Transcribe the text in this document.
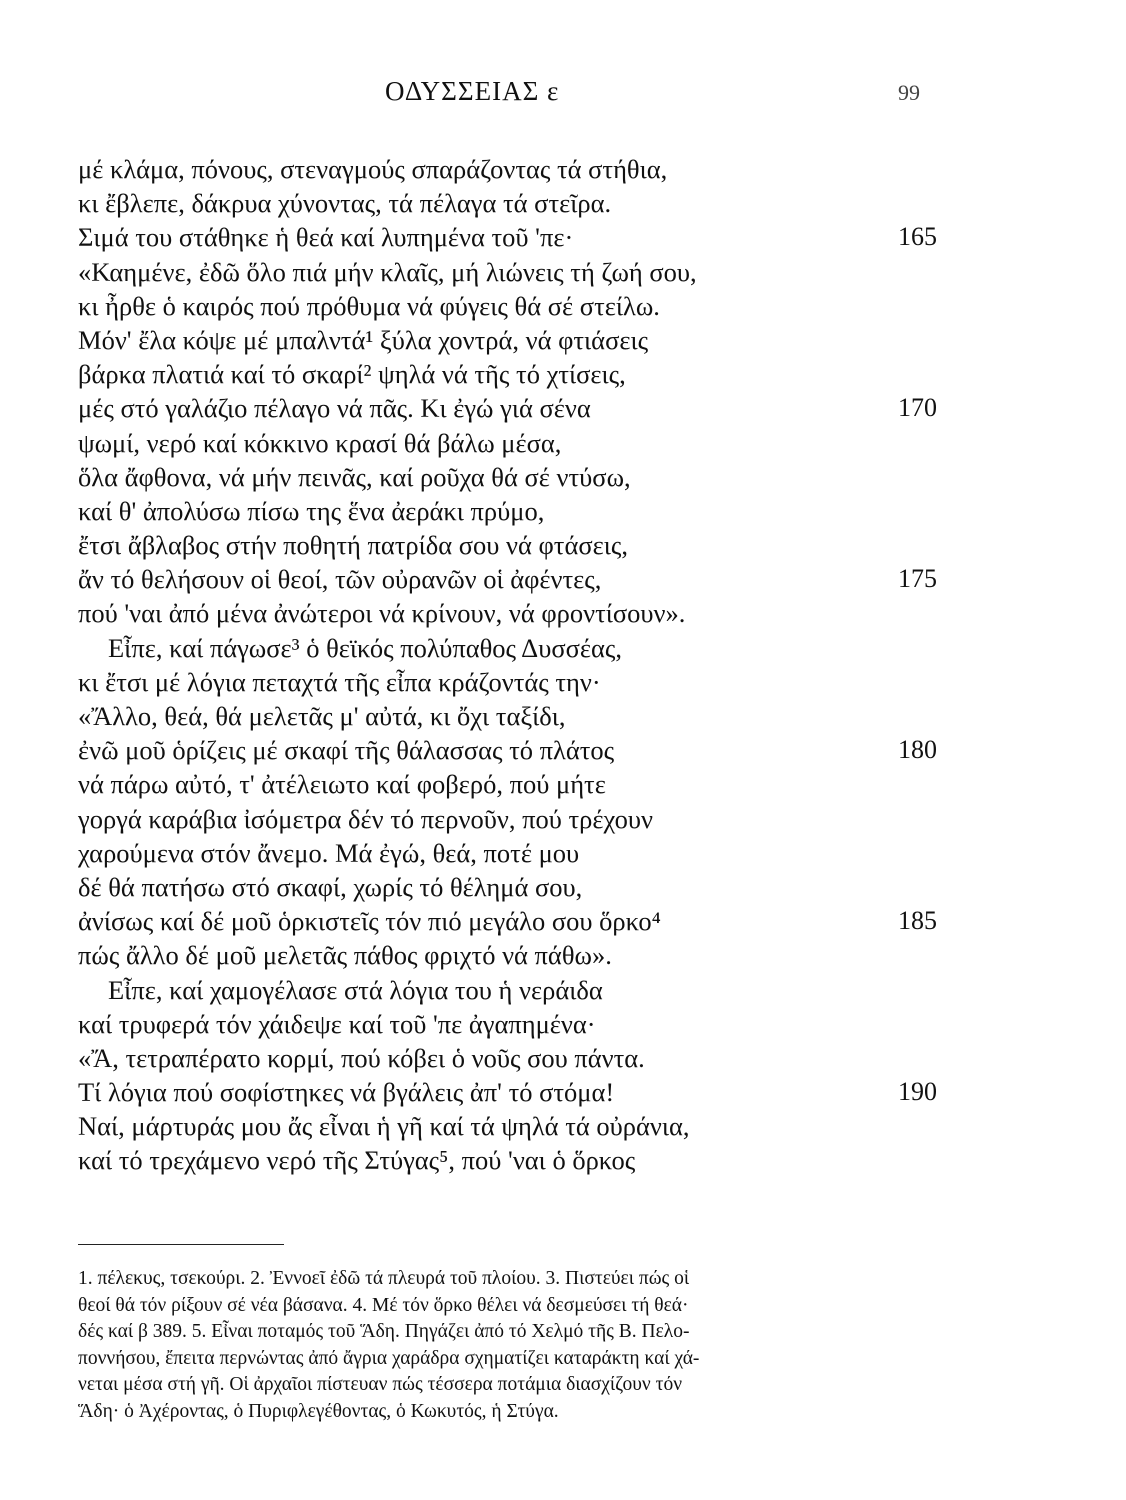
ΟΔΥΣΣΕΙΑΣ ε	99
μέ κλάμα, πόνους, στεναγμούς σπαράζοντας τά στήθια,
κι ἔβλεπε, δάκρυα χύνοντας, τά πέλαγα τά στεῖρα.
Σιμά του στάθηκε ἡ θεά καί λυπημένα τοῦ 'πε·	165
«Καημένε, ἐδῶ ὅλο πιά μήν κλαῖς, μή λιώνεις τή ζωή σου,
κι ἦρθε ὁ καιρός πού πρόθυμα νά φύγεις θά σέ στείλω.
Μόν' ἔλα κόψε μέ μπαλντά¹ ξύλα χοντρά, νά φτιάσεις
βάρκα πλατιά καί τό σκαρί² ψηλά νά τῆς τό χτίσεις,
μές στό γαλάζιο πέλαγο νά πᾶς. Κι ἐγώ γιά σένα	170
ψωμί, νερό καί κόκκινο κρασί θά βάλω μέσα,
ὅλα ἄφθονα, νά μήν πεινᾶς, καί ροῦχα θά σέ ντύσω,
καί θ' ἀπολύσω πίσω της ἕνα ἀεράκι πρύμο,
ἔτσι ἄβλαβος στήν ποθητή πατρίδα σου νά φτάσεις,
ἄν τό θελήσουν οἱ θεοί, τῶν οὐρανῶν οἱ ἀφέντες,	175
πού 'ναι ἀπό μένα ἀνώτεροι νά κρίνουν, νά φροντίσουν».
Εἶπε, καί πάγωσε³ ὁ θεϊκός πολύπαθος Δυσσέας,
κι ἔτσι μέ λόγια πεταχτά τῆς εἶπα κράζοντάς την·
«Ἄλλο, θεά, θά μελετᾶς μ' αὐτά, κι ὄχι ταξίδι,
ἐνῶ μοῦ ὁρίζεις μέ σκαφί τῆς θάλασσας τό πλάτος	180
νά πάρω αὐτό, τ' ἀτέλειωτο καί φοβερό, πού μήτε
γοργά καράβια ἰσόμετρα δέν τό περνοῦν, πού τρέχουν
χαρούμενα στόν ἄνεμο. Μά ἐγώ, θεά, ποτέ μου
δέ θά πατήσω στό σκαφί, χωρίς τό θέλημά σου,
ἀνίσως καί δέ μοῦ ὁρκιστεῖς τόν πιό μεγάλο σου ὅρκο⁴	185
πώς ἄλλο δέ μοῦ μελετᾶς πάθος φριχτό νά πάθω».
Εἶπε, καί χαμογέλασε στά λόγια του ἡ νεράιδα
καί τρυφερά τόν χάιδεψε καί τοῦ 'πε ἀγαπημένα·
«Ἄ, τετραπέρατο κορμί, πού κόβει ὁ νοῦς σου πάντα.
Τί λόγια πού σοφίστηκες νά βγάλεις ἀπ' τό στόμα!	190
Ναί, μάρτυράς μου ἄς εἶναι ἡ γῆ καί τά ψηλά τά οὐράνια,
καί τό τρεχάμενο νερό τῆς Στύγας⁵, πού 'ναι ὁ ὅρκος
1. πέλεκυς, τσεκούρι. 2. Ἐννοεῖ ἐδῶ τά πλευρά τοῦ πλοίου. 3. Πιστεύει πώς οἱ
θεοί θά τόν ρίξουν σέ νέα βάσανα. 4. Μέ τόν ὅρκο θέλει νά δεσμεύσει τή θεά·
δές καί β 389. 5. Εἶναι ποταμός τοῦ Ἅδη. Πηγάζει ἀπό τό Χελμό τῆς Β. Πελο-
ποννήσου, ἔπειτα περνώντας ἀπό ἄγρια χαράδρα σχηματίζει καταράκτη καί χά-
νεται μέσα στή γῆ. Οἱ ἀρχαῖοι πίστευαν πώς τέσσερα ποτάμια διασχίζουν τόν
Ἅδη· ὁ Ἀχέροντας, ὁ Πυριφλεγέθοντας, ὁ Κωκυτός, ἡ Στύγα.
